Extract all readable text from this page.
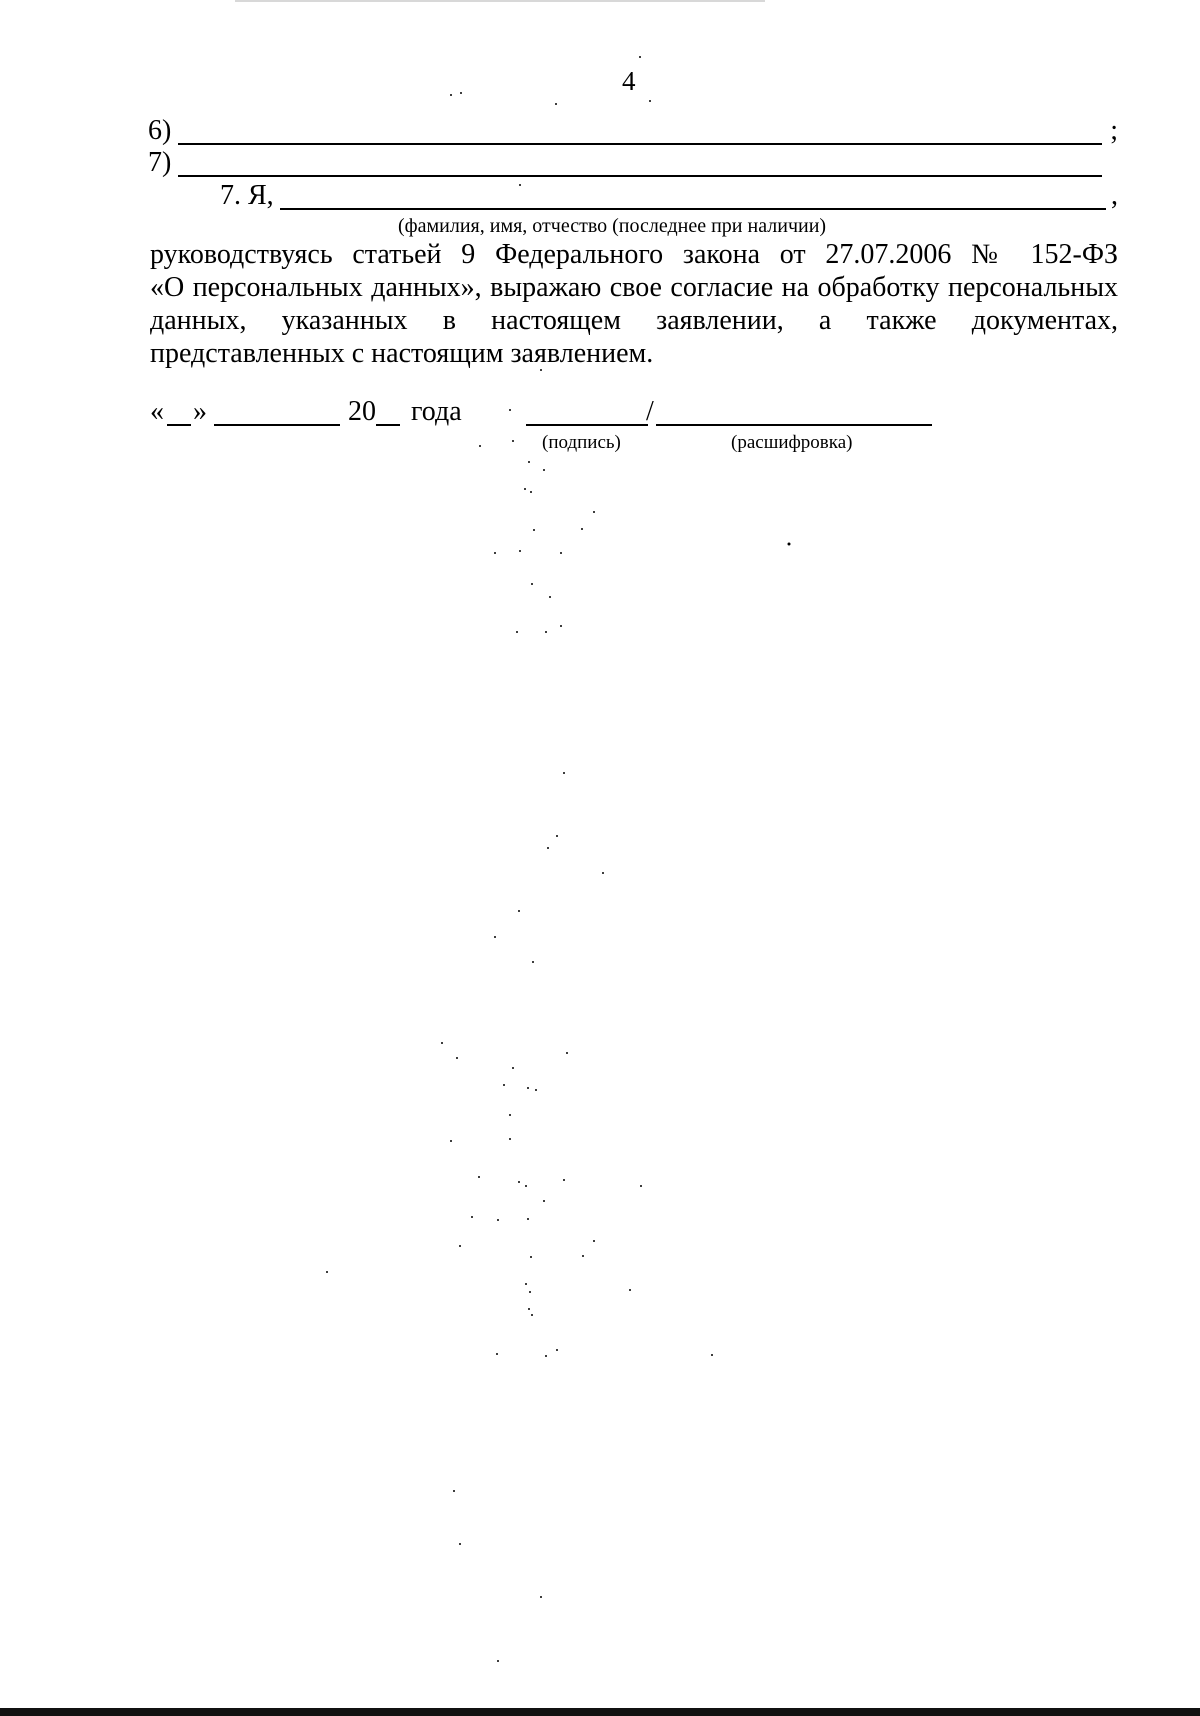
4
6)	;
7)
7. Я,	,
(фамилия, имя, отчество (последнее при наличии)
руководствуясь статьей 9 Федерального закона от 27.07.2006 № 152-ФЗ
«О персональных данных», выражаю свое согласие на обработку персональных
данных, указанных в настоящем заявлении, а также документах,
представленных с настоящим заявлением.
« »	20 года	/
(подпись)	(расшифровка)
